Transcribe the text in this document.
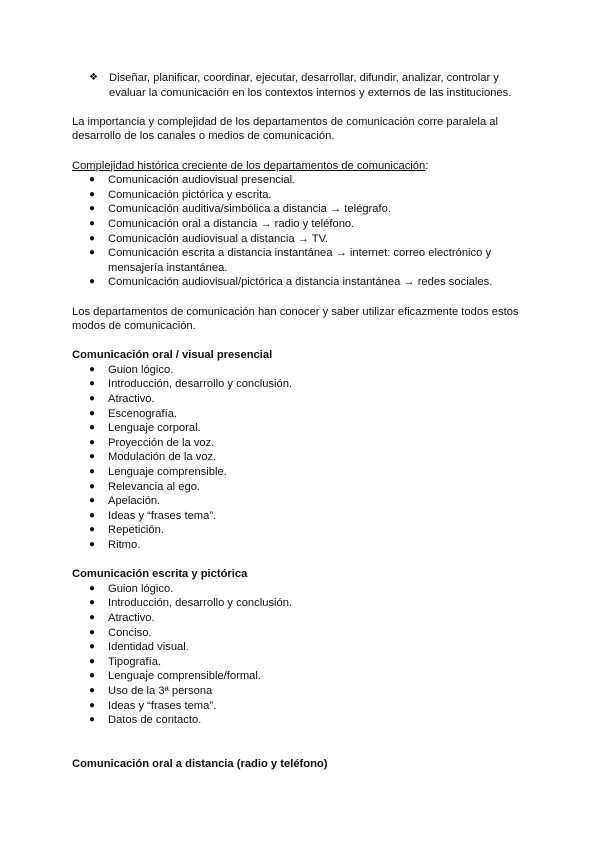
❖ Diseñar, planificar, coordinar, ejecutar, desarrollar, difundir, analizar, controlar y evaluar la comunicación en los contextos internos y externos de las instituciones.

La importancia y complejidad de los departamentos de comunicación corre paralela al desarrollo de los canales o medios de comunicación.

Complejidad histórica creciente de los departamentos de comunicación:

● Comunicación audiovisual presencial.
● Comunicación pictórica y escrita.
● Comunicación auditiva/simbólica a distancia → telégrafo.
● Comunicación oral a distancia → radio y teléfono.
● Comunicación audiovisual a distancia → TV.
● Comunicación escrita a distancia instantánea → internet: correo electrónico y mensajería instantánea.
● Comunicación audiovisual/pictórica a distancia instantánea → redes sociales.

Los departamentos de comunicación han conocer y saber utilizar eficazmente todos estos modos de comunicación.

Comunicación oral / visual presencial

● Guion lógico.
● Introducción, desarrollo y conclusión.
● Atractivo.
● Escenografía.
● Lenguaje corporal.
● Proyección de la voz.
● Modulación de la voz.
● Lenguaje comprensible.
● Relevancia al ego.
● Apelación.
● Ideas y “frases tema”.
● Repetición.
● Ritmo.

Comunicación escrita y pictórica

● Guion lógico.
● Introducción, desarrollo y conclusión.
● Atractivo.
● Conciso.
● Identidad visual.
● Tipografía.
● Lenguaje comprensible/formal.
● Uso de la 3ª persona
● Ideas y “frases tema”.
● Datos de contacto.

Comunicación oral a distancia (radio y teléfono)
